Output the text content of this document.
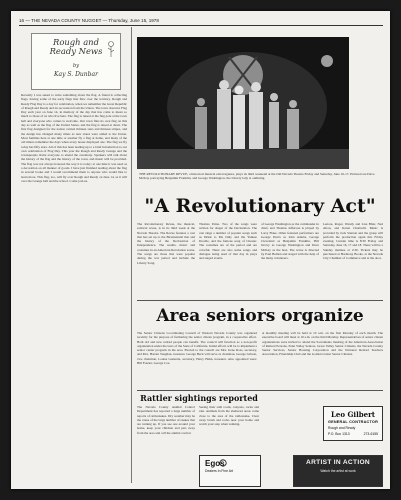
16 — THE NEVADA COUNTY NUGGET — Thursday, June 15, 1978
Rough and
Ready News
by
Kay S. Dunbar

Recently I was asked to write something about the flag. A friend is collecting flags, having some of the early flags that flew over the territory. Rough and Ready Flag Day is a day for celebration, when we remember the Great Republic of Rough and Ready and its seccession from the Union. The town observes Flag Day each year on June 14, in memory of the day that has come to mean so much to those of us who live here. The flag is raised at the flag pole at the town hall and everyone who comes is welcome. Our town flies its own flag on this day as well as the flag of the United States, and the flag is raised at dawn. The first flag designed for the nation carried thirteen stars and thirteen stripes, and the design has changed many times as new states were added to the Union. Most families here at one time or another fly a flag at home, and many of the old timers remember the days when every house displayed one. The flag we fly today has fifty stars. All of this has been leading up to a brief introduction to our own celebration of Flag Day. This year the Rough and Ready Grange and the townspeople invite everyone to attend the ceremony. Speakers will talk about the history of the flag and the history of the town, and music will be provided. The flag was not always honored the way it is today; at one time it was used as a decoration on all manner of goods. I have just finished reading about the flag in several books and I would recommend them to anyone who would like to learn more. This flag, too, will fly over Rough and Ready on June 14, as it will over the Grange hall and the school. Come join us.

THE REVOLUTIONARY REVUE, a historical musical extravaganza, plays its third weekend at the Old Nevada Theatre Friday and Saturday, June 16-17. Pictured are Dave McKay portraying Benjamin Franklin, and George Washington, the Liberty lady is outlining.

"A Revolutionary Act"

The Revolutionary Revue, the musical, satirical revue, is in its third week at the Nevada Theatre. The Revue features a cast that has set up to the Bicentennial that and the history of the Declaration of Independence. The results, music and costumes in an American Revolution scene. The songs are those that were popular during the war period and include the Liberty Song.

Thomas Paine. Two of the songs were written for singer of the Declaration. The cast sings a number of popular songs such as Drink to Me Only and the Yankee Doodle, and the famous song of Chester. The costumes are of the period and are colorful. There are also some songs and dialogue being used of that day in plays and staged events.

of George Washington as the commander in chief, and Thomas Jefferson is played by Larry Fiske. Other featured performers are George Davis as John Adams, George Cleveland as Benjamin Franklin, Phil Ozovy as George Washington and Dave McKay as the host. The revue is directed by Paul Belden and staged with the help of the many volunteers.

Lenore, Roger, Wendy and Lisa Blair, Ned Alton, and Karen Chartrelli. Music is provided by Jack Stanton and the group will perform the production again this Friday evening. Curtain time is 8:30 Friday and Saturday, June 16, 17 and 18. There will be a Sunday matinee at 2:30. Tickets may be purchased at Harmony Books, at the Nevada City Chamber of Commerce and at the door.

Area seniors organize

The Senior Citizens Coordinating Council of Western Nevada County was organized recently for the purpose of furthering the senior citizen program, in a cooperative effort. Both old and new retired people can benefit. The council will function as a non-profit organization under the laws of the State of California. Initial efforts will be to implement a senior center program in the area. Elected to the council are Mrs. Irene Ross, secretary, and Mrs. Harriet Vaughan, treasurer. George Beck will serve as chairman, George Gibson, vice chairman, Louise Guzzetta, secretary, Harry Hahn, treasurer. Also appointed were: Bill Frazier, George Coe.

A monthly meeting will be held at 10 a.m. on the first Monday of each month. The executive board will meet at 10 a.m. on the third Monday. Representatives of senior citizen organizations were invited to attend the Sacramento meeting of the American Association of Retired Persons, Penn Valley Seniors, Grass Valley Senior Citizens, the Nevada County Senior Services, Senior Housing Corporation and the National Retired Teachers Association, Friendship Club and the Golden Center Senior Citizens.

Rattler sightings reported

The Nevada County Animal Control Department has reported a large number of reports of rattlesnakes. Dry weather may be the cause of the large number of snakes that are turning up. If you see one around your home, keep your children and pets away from the area and call the animal control.

Seeing their stall roads, canyons, rocks and rain. Animals from the sheltered areas come close to the area of the rattlesnake. Clear away brush and rocks near your home and watch your step when walking.

Leo Gilbert
GENERAL CONTRACTOR
Rough and Ready
P.O. Box 1313	273-6155
Egos
Dealers In Fine Art
ARTIST IN ACTION
Watch the artist at work
